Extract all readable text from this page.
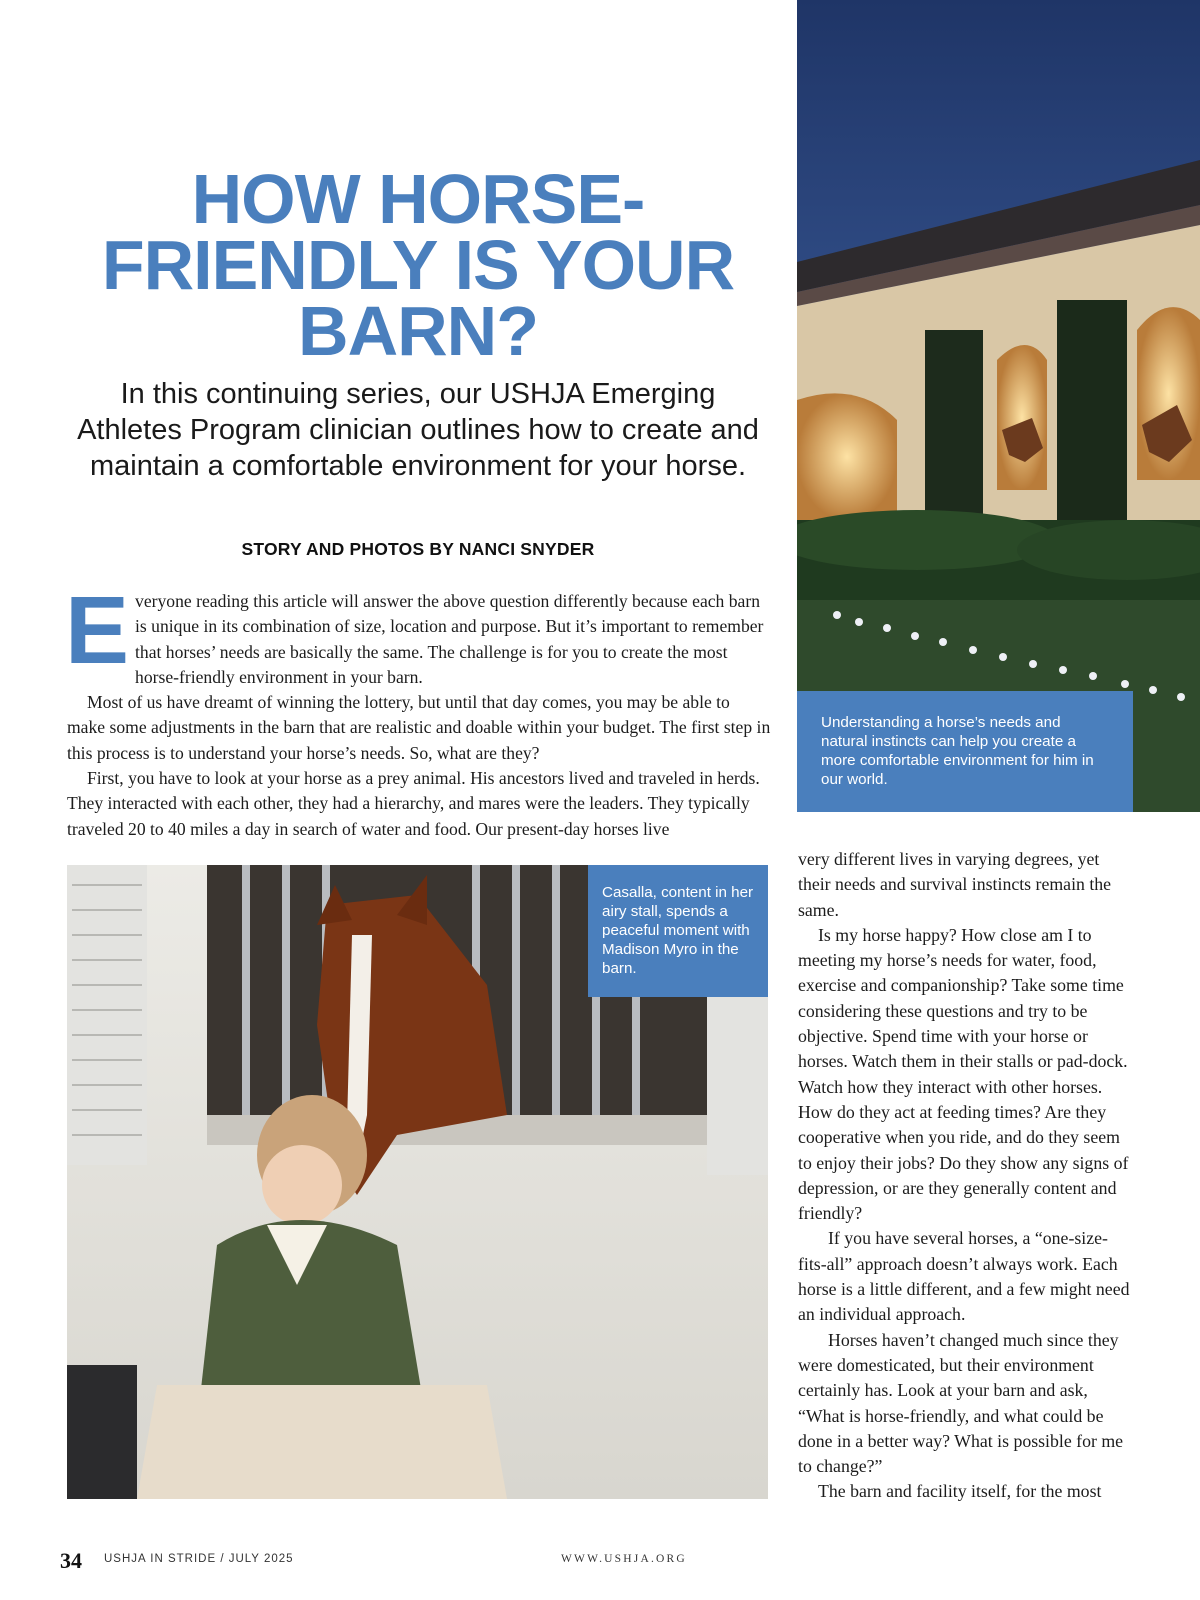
HOW HORSE-FRIENDLY IS YOUR BARN?

In this continuing series, our USHJA Emerging Athletes Program clinician outlines how to create and maintain a comfortable environment for your horse.

STORY AND PHOTOS BY NANCI SNYDER

Everyone reading this article will answer the above question differently because each barn is unique in its combination of size, location and purpose. But it’s important to remember that horses’ needs are basically the same. The challenge is for you to create the most horse-friendly environment in your barn.

Most of us have dreamt of winning the lottery, but until that day comes, you may be able to make some adjustments in the barn that are realistic and doable within your budget. The first step in this process is to understand your horse’s needs. So, what are they?

First, you have to look at your horse as a prey animal. His ancestors lived and traveled in herds. They interacted with each other, they had a hierarchy, and mares were the leaders. They typically traveled 20 to 40 miles a day in search of water and food. Our present-day horses live

Understanding a horse’s needs and natural instincts can help you create a more comfortable environment for him in our world.
Casalla, content in her airy stall, spends a peaceful moment with Madison Myro in the barn.

very different lives in varying degrees, yet their needs and survival instincts remain the same.

Is my horse happy? How close am I to meeting my horse’s needs for water, food, exercise and companionship? Take some time considering these questions and try to be objective. Spend time with your horse or horses. Watch them in their stalls or pad-dock. Watch how they interact with other horses. How do they act at feeding times? Are they cooperative when you ride, and do they seem to enjoy their jobs? Do they show any signs of depression, or are they generally content and friendly?

If you have several horses, a “one-size-fits-all” approach doesn’t always work. Each horse is a little different, and a few might need an individual approach.

Horses haven’t changed much since they were domesticated, but their environment certainly has. Look at your barn and ask, “What is horse-friendly, and what could be done in a better way? What is possible for me to change?”

The barn and facility itself, for the most

34 USHJA IN STRIDE / JULY 2025	WWW.USHJA.ORG
